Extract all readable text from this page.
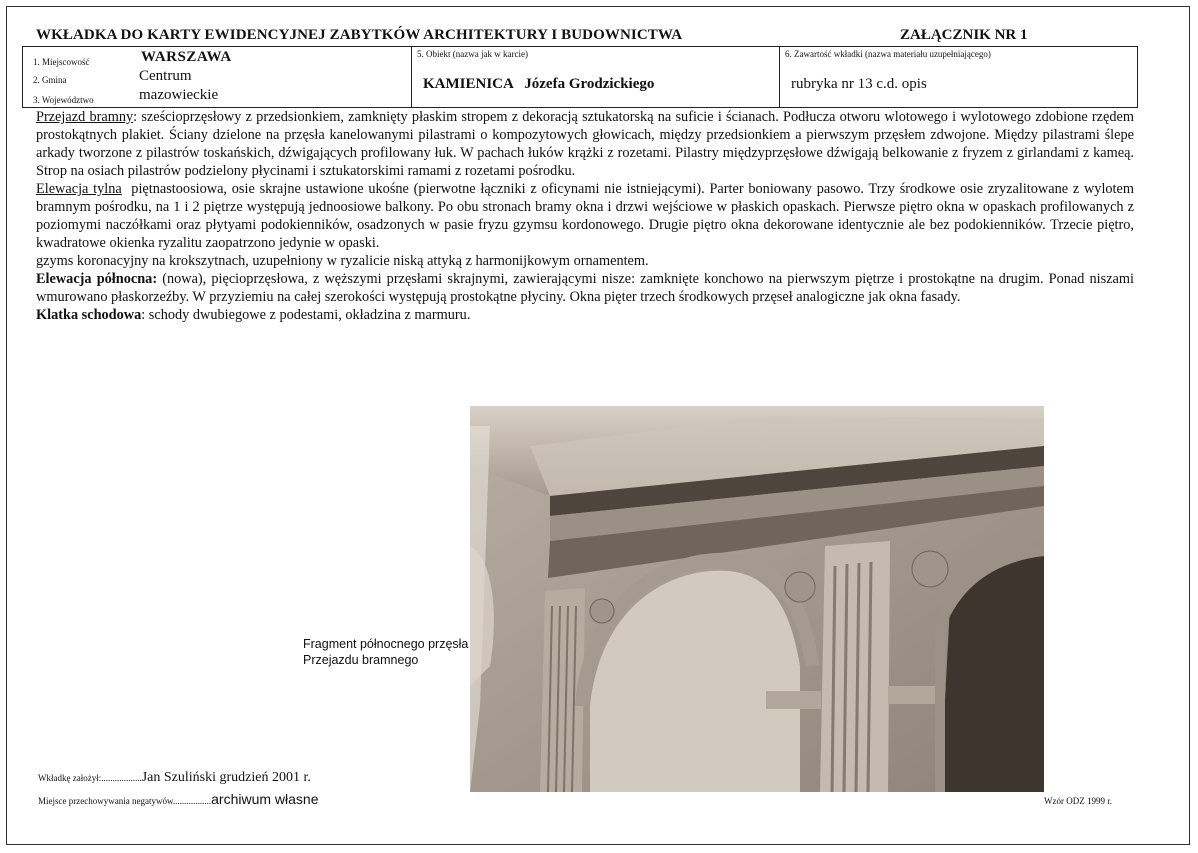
WKŁADKA DO KARTY EWIDENCYJNEJ ZABYTKÓW ARCHITEKTURY I BUDOWNICTWA	ZAŁĄCZNIK NR 1
1. Miejscowość	WARSZAWA
2. Gmina	Centrum
3. Województwo	mazowieckie
5. Obiekt (nazwa jak w karcie)
KAMIENICA   Józefa Grodzickiego
6. Zawartość wkładki (nazwa materiału uzupełniającego)
rubryka nr 13 c.d. opis

Przejazd bramny: sześcioprzęsłowy z przedsionkiem, zamknięty płaskim stropem z dekoracją sztukatorską na suficie i ścianach. Podłucza otworu wlotowego i wylotowego zdobione rzędem prostokątnych plakiet. Ściany dzielone na przęsła kanelowanymi pilastrami o kompozytowych głowicach, między przedsionkiem a pierwszym przęsłem zdwojone. Między pilastrami ślepe arkady tworzone z pilastrów toskańskich, dźwigających profilowany łuk. W pachach łuków krążki z rozetami. Pilastry międzyprzęsłowe dźwigają belkowanie z fryzem z girlandami z kameą. Strop na osiach pilastrów podzielony płycinami i sztukatorskimi ramami z rozetami pośrodku.

Elewacja tylna  piętnastoosiowa, osie skrajne ustawione ukośne (pierwotne łączniki z oficynami nie istniejącymi). Parter boniowany pasowo. Trzy środkowe osie zryzalitowane z wylotem bramnym pośrodku, na 1 i 2 piętrze występują jednoosiowe balkony. Po obu stronach bramy okna i drzwi wejściowe w płaskich opaskach. Pierwsze piętro okna w opaskach profilowanych z poziomymi naczółkami oraz płytyami podokienników, osadzonych w pasie fryzu gzymsu kordonowego. Drugie piętro okna dekorowane identycznie ale bez podokienników. Trzecie piętro, kwadratowe okienka ryzalitu zaopatrzono jedynie w opaski.

gzyms koronacyjny na krokszytnach, uzupełniony w ryzalicie niską attyką z harmonijkowym ornamentem.

Elewacja północna: (nowa), pięcioprzęsłowa, z węższymi przęsłami skrajnymi, zawierającymi nisze: zamknięte konchowo na pierwszym piętrze i prostokątne na drugim. Ponad niszami wmurowano płaskorzeźby. W przyziemiu na całej szerokości występują prostokątne płyciny. Okna pięter trzech środkowych przęseł analogiczne jak okna fasady.

Klatka schodowa: schody dwubiegowe z podestami, okładzina z marmuru.

Fragment północnego przęsła
Przejazdu bramnego
Wkładkę założył:..................Jan Szuliński grudzień 2001 r.
Miejsce przechowywania negatywów.................archiwum własne	Wzór ODZ 1999 r.
